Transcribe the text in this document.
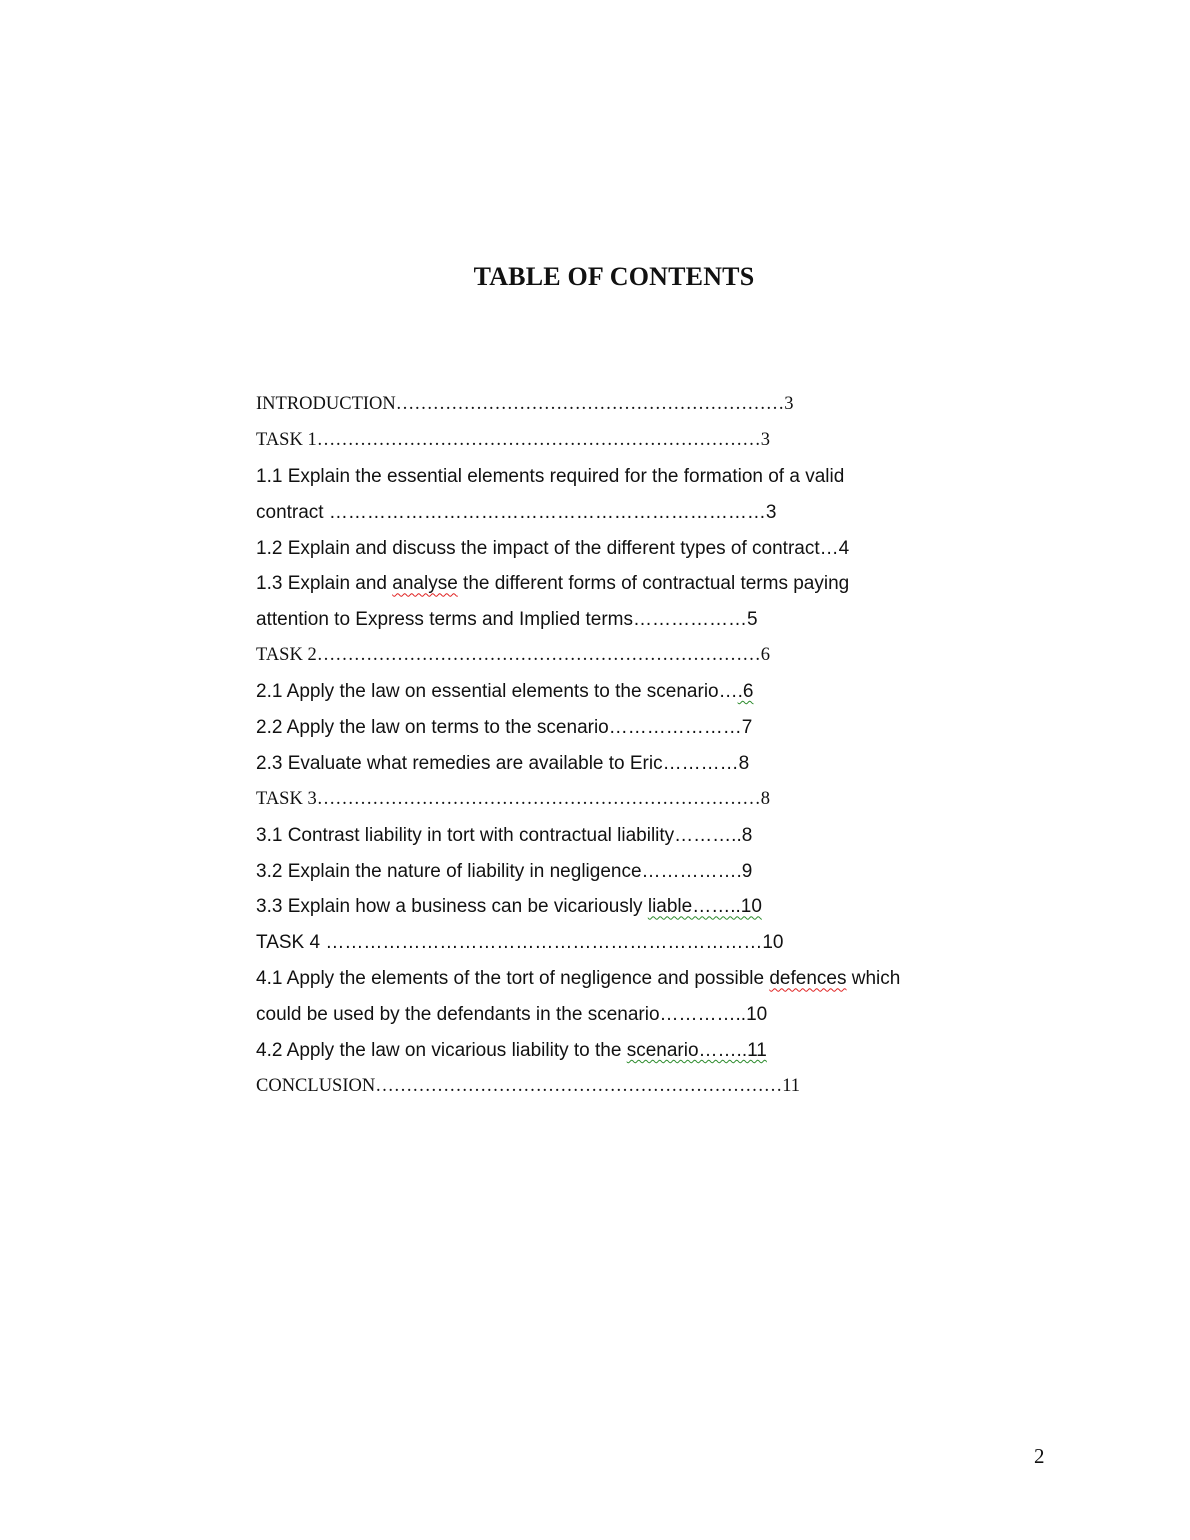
TABLE OF CONTENTS
INTRODUCTION………………………………………………………3
TASK 1………………………………………………………………3
1.1 Explain the essential elements required for the formation of a valid
contract ……………………………………………………………3
1.2 Explain and discuss the impact of the different types of contract…4
1.3 Explain and analyse the different forms of contractual terms paying
attention to Express terms and Implied terms………………5
TASK 2………………………………………………………………6
2.1 Apply the law on essential elements to the scenario….6
2.2 Apply the law on terms to the scenario…………………7
2.3 Evaluate what remedies are available to Eric…………8
TASK 3………………………………………………………………8
3.1 Contrast liability in tort with contractual liability………..8
3.2 Explain the nature of liability in negligence…………….9
3.3 Explain how a business can be vicariously liable……..10
TASK 4 ……………………………………………………………10
4.1 Apply the elements of the tort of negligence and possible defences which
could be used by the defendants in the scenario…………..10
4.2 Apply the law on vicarious liability to the scenario……..11
CONCLUSION…………………………………………………………11
2
